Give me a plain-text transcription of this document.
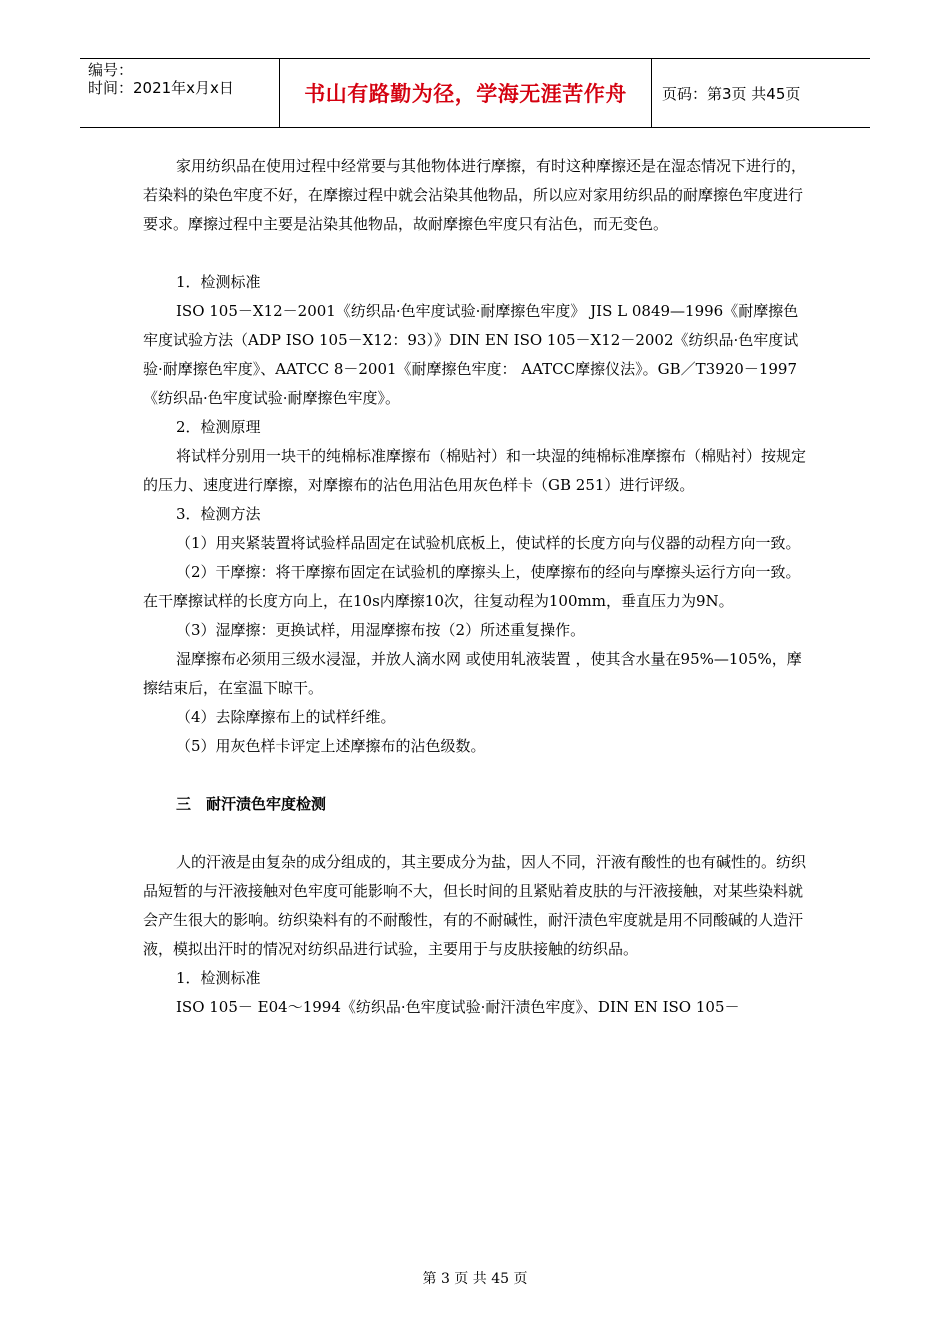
编号：
时间：2021年x月x日	书山有路勤为径，学海无涯苦作舟	页码：第3页 共45页

家用纺织品在使用过程中经常要与其他物体进行摩擦，有时这种摩擦还是在湿态情况下进行的，若染料的染色牢度不好，在摩擦过程中就会沾染其他物品，所以应对家用纺织品的耐摩擦色牢度进行要求。摩擦过程中主要是沾染其他物品，故耐摩擦色牢度只有沾色，而无变色。

1．检测标准

ISO 105－X12－2001《纺织品·色牢度试验·耐摩擦色牢度》 JIS L 0849—1996《耐摩擦色牢度试验方法（ADP ISO 105－X12：93）》DIN EN ISO 105－X12－2002《纺织品·色牢度试验·耐摩擦色牢度》、AATCC 8－2001《耐摩擦色牢度： AATCC摩擦仪法》。GB／T3920－1997《纺织品·色牢度试验·耐摩擦色牢度》。

2．检测原理

将试样分别用一块干的纯棉标准摩擦布（棉贴衬）和一块湿的纯棉标准摩擦布（棉贴衬）按规定的压力、速度进行摩擦，对摩擦布的沾色用沾色用灰色样卡（GB 251）进行评级。

3．检测方法

（1）用夹紧装置将试验样品固定在试验机底板上，使试样的长度方向与仪器的动程方向一致。

（2）干摩擦：将干摩擦布固定在试验机的摩擦头上，使摩擦布的经向与摩擦头运行方向一致。在干摩擦试样的长度方向上，在10s内摩擦10次，往复动程为100mm，垂直压力为9N。

（3）湿摩擦：更换试样，用湿摩擦布按（2）所述重复操作。

湿摩擦布必须用三级水浸湿，并放人滴水网 或使用轧液装置 ，使其含水量在95%—105%，摩擦结束后，在室温下晾干。

（4）去除摩擦布上的试样纤维。

（5）用灰色样卡评定上述摩擦布的沾色级数。

三　耐汗渍色牢度检测

人的汗液是由复杂的成分组成的，其主要成分为盐，因人不同，汗液有酸性的也有碱性的。纺织品短暂的与汗液接触对色牢度可能影响不大，但长时间的且紧贴着皮肤的与汗液接触，对某些染料就会产生很大的影响。纺织染料有的不耐酸性，有的不耐碱性，耐汗渍色牢度就是用不同酸碱的人造汗液，模拟出汗时的情况对纺织品进行试验，主要用于与皮肤接触的纺织品。

1．检测标准

ISO 105－ E04～1994《纺织品·色牢度试验·耐汗渍色牢度》、DIN EN ISO 105－

第 3 页 共 45 页
